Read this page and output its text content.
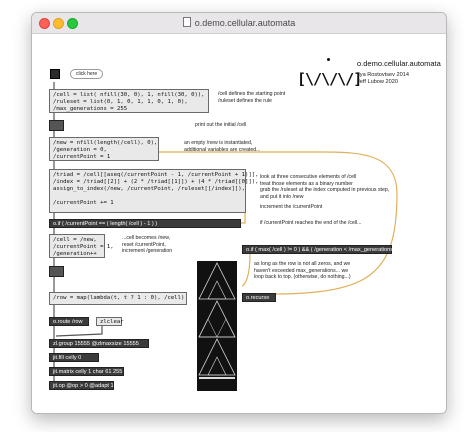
o.demo.cellular.automata
[\/\/\/]
o.demo.cellular.automata
Ilya Rostovtsev 2014
Jeff Lubow 2020
click here
/cell = list( nfill(30, 0), 1, nfill(30, 0)),
/ruleset = list(0, 1, 0, 1, 1, 0, 1, 0),
/max_generations = 255
/cell defines the starting point
/ruleset defines the rule
print out the initial /cell
/new = nfill(length(/cell), 0),
/generation = 0,
/currentPoint = 1
an empty /new is instantiated,
additional variables are created...
/triad = /cell[[aseq(/currentPoint - 1, /currentPoint + 1)]],
/index = /triad[[2]] + (2 * /triad[[1]]) + (4 * /triad[[0]]),
assign_to_index(/new, /currentPoint, /ruleset[[/index]]),

/currentPoint += 1
look at three consecutive elements of /cell
treat those elements as a binary number
grab the /ruleset at the index computed in previous step,
and put it into /new
increment the /currentPoint
o.if ( /currentPoint == ( length( /cell ) - 1 ) )	if /currentPoint reaches the end of the /cell...
/cell = /new,
/currentPoint = 1,
/generation++
...cell becomes /new,
reset /currentPoint,
increment /generation	o.if ( max( /cell ) != 0 ) && ( /generation < /max_generations )
as long as the row is not all zeros, and we
haven't exceeded max_generations... we
loop back to top. (otherwise, do nothing...)
o.recurse
/row = map(lambda(t, t ? 1 : 0), /cell)
o.route /row	zlclear
zl.group 15555 @zlmaxsize 15555
jit.fill celly 0
jit.matrix celly 1 char 61 255
jit.op @op > 0 @adapt 1
